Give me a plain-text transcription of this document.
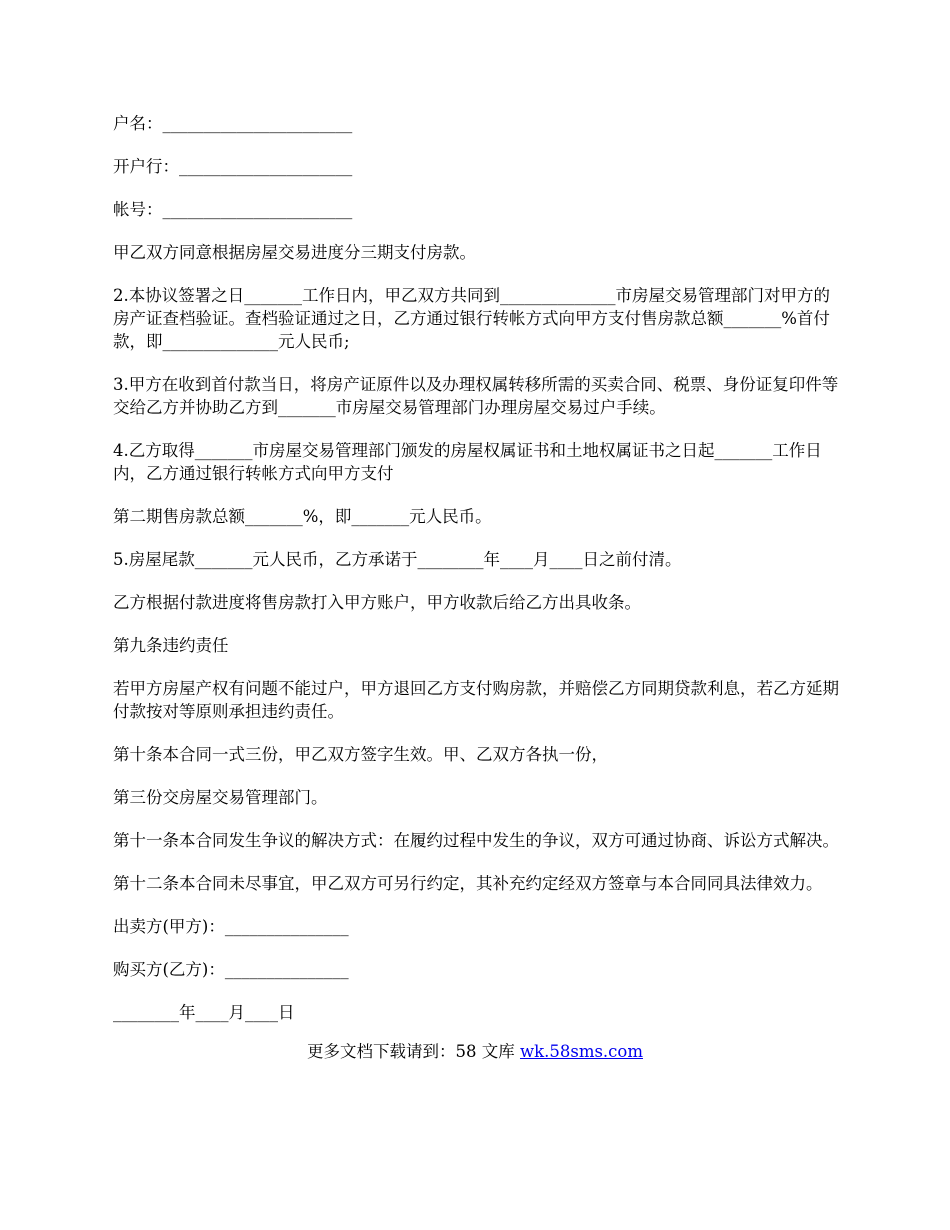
户名：_______________________

开户行：_____________________

帐号：_______________________

甲乙双方同意根据房屋交易进度分三期支付房款。

2.本协议签署之日_______工作日内，甲乙双方共同到______________市房屋交易管理部门对甲方的房产证查档验证。查档验证通过之日，乙方通过银行转帐方式向甲方支付售房款总额_______%首付款，即______________元人民币;

3.甲方在收到首付款当日，将房产证原件以及办理权属转移所需的买卖合同、税票、身份证复印件等交给乙方并协助乙方到_______市房屋交易管理部门办理房屋交易过户手续。

4.乙方取得_______市房屋交易管理部门颁发的房屋权属证书和土地权属证书之日起_______工作日内，乙方通过银行转帐方式向甲方支付

第二期售房款总额_______%，即_______元人民币。

5.房屋尾款_______元人民币，乙方承诺于________年____月____日之前付清。

乙方根据付款进度将售房款打入甲方账户，甲方收款后给乙方出具收条。

第九条违约责任

若甲方房屋产权有问题不能过户，甲方退回乙方支付购房款，并赔偿乙方同期贷款利息，若乙方延期付款按对等原则承担违约责任。

第十条本合同一式三份，甲乙双方签字生效。甲、乙双方各执一份，

第三份交房屋交易管理部门。

第十一条本合同发生争议的解决方式：在履约过程中发生的争议，双方可通过协商、诉讼方式解决。

第十二条本合同未尽事宜，甲乙双方可另行约定，其补充约定经双方签章与本合同同具法律效力。

出卖方(甲方)：_______________

购买方(乙方)：_______________

________年____月____日

更多文档下载请到：58 文库 wk.58sms.com
